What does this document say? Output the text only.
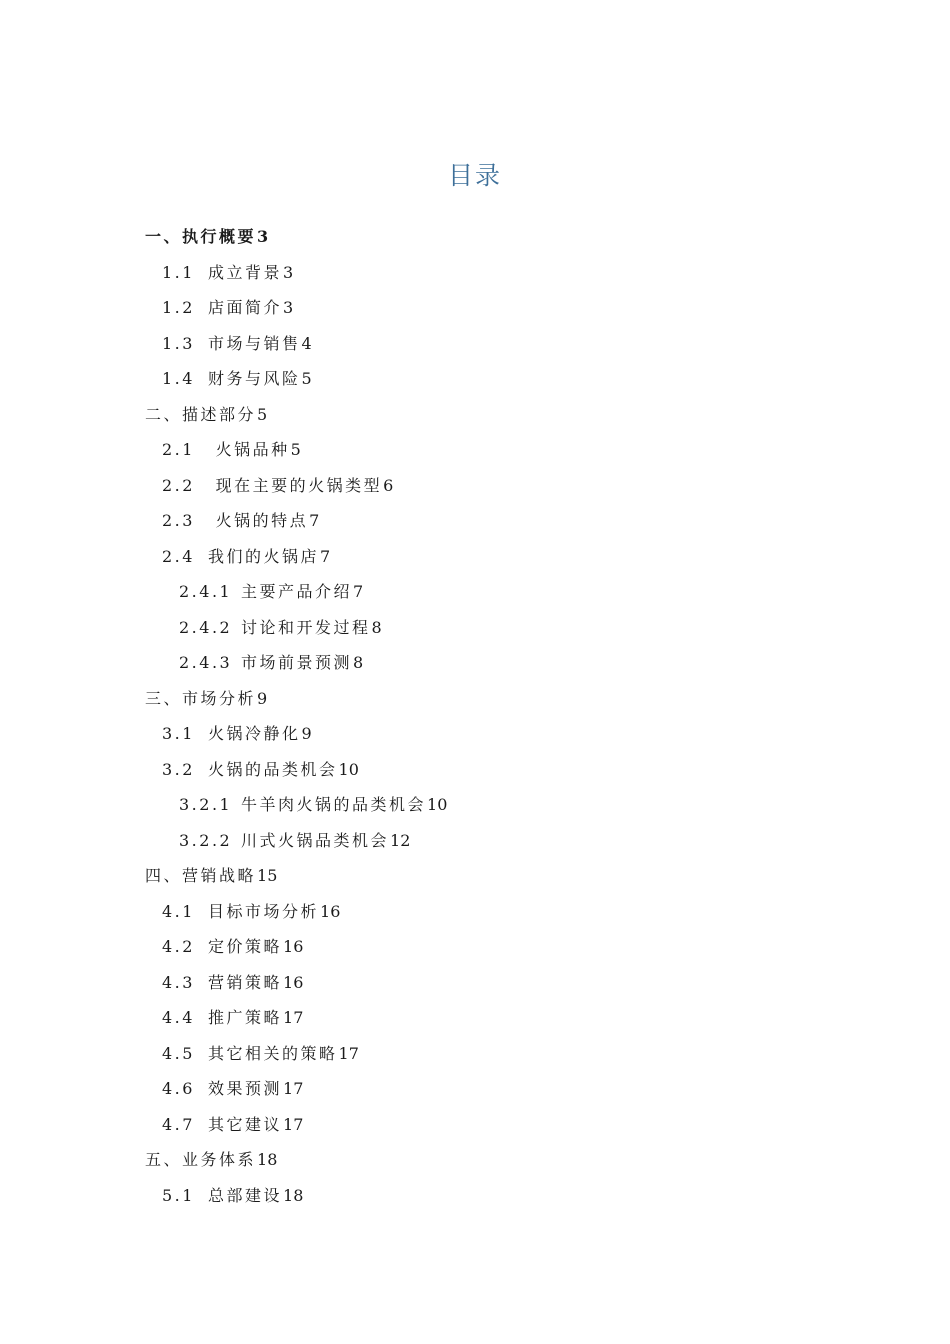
目录
一、执行概要3
1.1 成立背景3
1.2 店面简介3
1.3 市场与销售4
1.4 财务与风险5
二、描述部分5
2.1 火锅品种5
2.2 现在主要的火锅类型6
2.3 火锅的特点7
2.4 我们的火锅店7
2.4.1 主要产品介绍7
2.4.2 讨论和开发过程8
2.4.3 市场前景预测8
三、市场分析9
3.1 火锅冷静化9
3.2 火锅的品类机会10
3.2.1 牛羊肉火锅的品类机会10
3.2.2 川式火锅品类机会12
四、营销战略15
4.1 目标市场分析16
4.2 定价策略16
4.3 营销策略16
4.4 推广策略17
4.5 其它相关的策略17
4.6 效果预测17
4.7 其它建议17
五、业务体系18
5.1 总部建设18
